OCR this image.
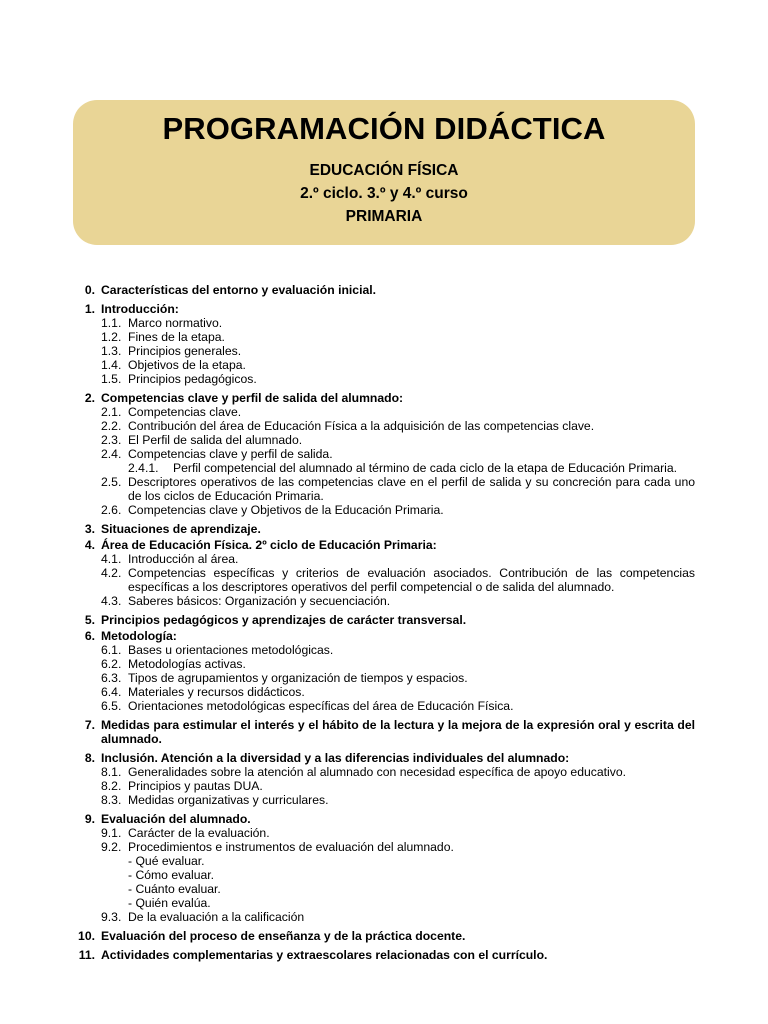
PROGRAMACIÓN DIDÁCTICA
EDUCACIÓN FÍSICA
2.º ciclo. 3.º y 4.º curso
PRIMARIA
0. Características del entorno y evaluación inicial.
1. Introducción:
1.1. Marco normativo.
1.2. Fines de la etapa.
1.3. Principios generales.
1.4. Objetivos de la etapa.
1.5. Principios pedagógicos.
2. Competencias clave y perfil de salida del alumnado:
2.1. Competencias clave.
2.2. Contribución del área de Educación Física a la adquisición de las competencias clave.
2.3. El Perfil de salida del alumnado.
2.4. Competencias clave y perfil de salida.
2.4.1.	Perfil competencial del alumnado al término de cada ciclo de la etapa de Educación Primaria.
2.5. Descriptores operativos de las competencias clave en el perfil de salida y su concreción para cada uno de los ciclos de Educación Primaria.
2.6. Competencias clave y Objetivos de la Educación Primaria.
3. Situaciones de aprendizaje.
4. Área de Educación Física. 2º ciclo de Educación Primaria:
4.1. Introducción al área.
4.2. Competencias específicas y criterios de evaluación asociados. Contribución de las competencias específicas a los descriptores operativos del perfil competencial o de salida del alumnado.
4.3. Saberes básicos: Organización y secuenciación.
5. Principios pedagógicos y aprendizajes de carácter transversal.
6. Metodología:
6.1. Bases u orientaciones metodológicas.
6.2. Metodologías activas.
6.3. Tipos de agrupamientos y organización de tiempos y espacios.
6.4. Materiales y recursos didácticos.
6.5. Orientaciones metodológicas específicas del área de Educación Física.
7. Medidas para estimular el interés y el hábito de la lectura y la mejora de la expresión oral y escrita del alumnado.
8. Inclusión. Atención a la diversidad y a las diferencias individuales del alumnado:
8.1. Generalidades sobre la atención al alumnado con necesidad específica de apoyo educativo.
8.2. Principios y pautas DUA.
8.3. Medidas organizativas y curriculares.
9. Evaluación del alumnado.
9.1. Carácter de la evaluación.
9.2. Procedimientos e instrumentos de evaluación del alumnado.
- Qué evaluar.
- Cómo evaluar.
- Cuánto evaluar.
- Quién evalúa.
9.3. De la evaluación a la calificación
10. Evaluación del proceso de enseñanza y de la práctica docente.
11. Actividades complementarias y extraescolares relacionadas con el currículo.
